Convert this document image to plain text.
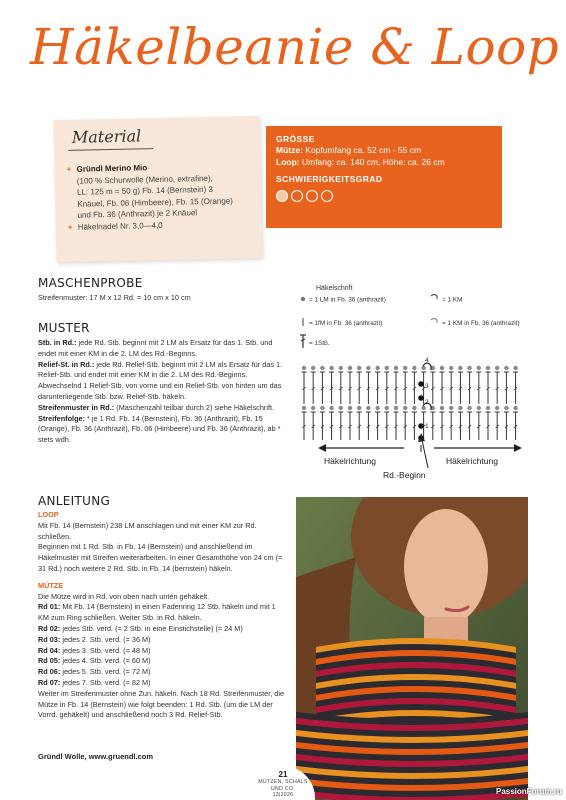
Häkelbeanie & Loop
Material
+ Gründl Merino Mio
(100 % Schurwolle (Merino, extrafine),
LL: 125 m = 50 g) Fb. 14 (Bernstein) 3
Knäuel, Fb. 06 (Himbeere), Fb. 15 (Orange)
und Fb. 36 (Anthrazit) je 2 Knäuel
+ Häkelnadel Nr. 3,0—4,0
GRÖSSE
Mütze: Kopfumfang ca. 52 cm - 55 cm
Loop: Umfang: ca. 140 cm, Höhe: ca. 26 cm
SCHWIERIGKEITSGRAD
MASCHENPROBE
Streifenmuster: 17 M x 12 Rd. = 10 cm x 10 cm
MUSTER
Stb. in Rd.: jede Rd. Stb. beginnt mit 2 LM als Ersatz für das 1. Stb. und endet mit einer KM in die 2. LM des Rd.-Beginns.
Relief-St. in Rd.: jede Rd. Relief-Stb. beginnt mit 2 LM als Ersatz für das 1. Relief-Stb. und endet mit einer KM in die 2. LM des Rd.-Beginns.
Abwechselnd 1 Relief-Stb. von vorne und ein Relief-Stb. von hinten um das darunterliegende Stb. bzw. Relief-Stb. häkeln.
Streifenmuster in Rd.: (Maschenzahl teilbar durch 2) siehe Häkelschrift.
Streifenfolge: * je 1 Rd. Fb. 14 (Bernstein), Fb. 36 (Anthrazit), Fb. 15 (Orange), Fb. 36 (Anthrazit), Fb. 06 (Himbeere) und Fb. 36 (Anthrazit), ab * stets wdh.
Häkelschrift
= 1 LM in Fb. 36 (anthrazit)	= 1 KM
= 1fM in Fb. 36 (anthrazit)	= 1 KM in Fb. 36 (anthrazit)
= 1Stb.
4
3
2
1
Häkelrichtung	Häkelrichtung
Rd.-Beginn
ANLEITUNG
LOOP
Mit Fb. 14 (Bernstein) 238 LM anschlagen und mit einer KM zur Rd. schließen.
Beginnen mit 1 Rd. Stb. in Fb. 14 (Bernstein) und anschließend im Häkelmuster mit Streifen weiterarbeiten. In einer Gesamthöhe von 24 cm (= 31 Rd.) noch weitere 2 Rd. Stb. in Fb. 14 (bernstein) häkeln.
MÜTZE
Die Mütze wird in Rd. von oben nach unten gehäkelt.
Rd 01: Mit Fb. 14 (Bernstein) in einen Fadenring 12 Stb. häkeln und mit 1 KM zum Ring schließen. Weiter Stb. in Rd. häkeln.
Rd 02: jedes Stb. verd. (= 2 Stb. in eine Einstichstelle) (= 24 M)
Rd 03: jedes 2. Stb. verd. (= 36 M)
Rd 04: jedes 3. Stb. verd. (= 48 M)
Rd 05: jedes 4. Stb. verd. (= 60 M)
Rd 06: jedes 5. Stb. verd. (= 72 M)
Rd 07: jedes 7. Stb. verd. (= 82 M)
Weiter im Streifenmuster ohne Zun. häkeln. Nach 18 Rd. Streifenmuster, die Mütze in Fb. 14 (Bernstein) wie folgt beenden: 1 Rd. Stb. (um die LM der Vorrd. gehäkelt) und anschließend noch 3 Rd. Relief-Stb.
Gründl Wolle, www.gruendl.com
21
MÜTZEN, SCHALS
UND CO.
13|2026	PassionForum.ru
